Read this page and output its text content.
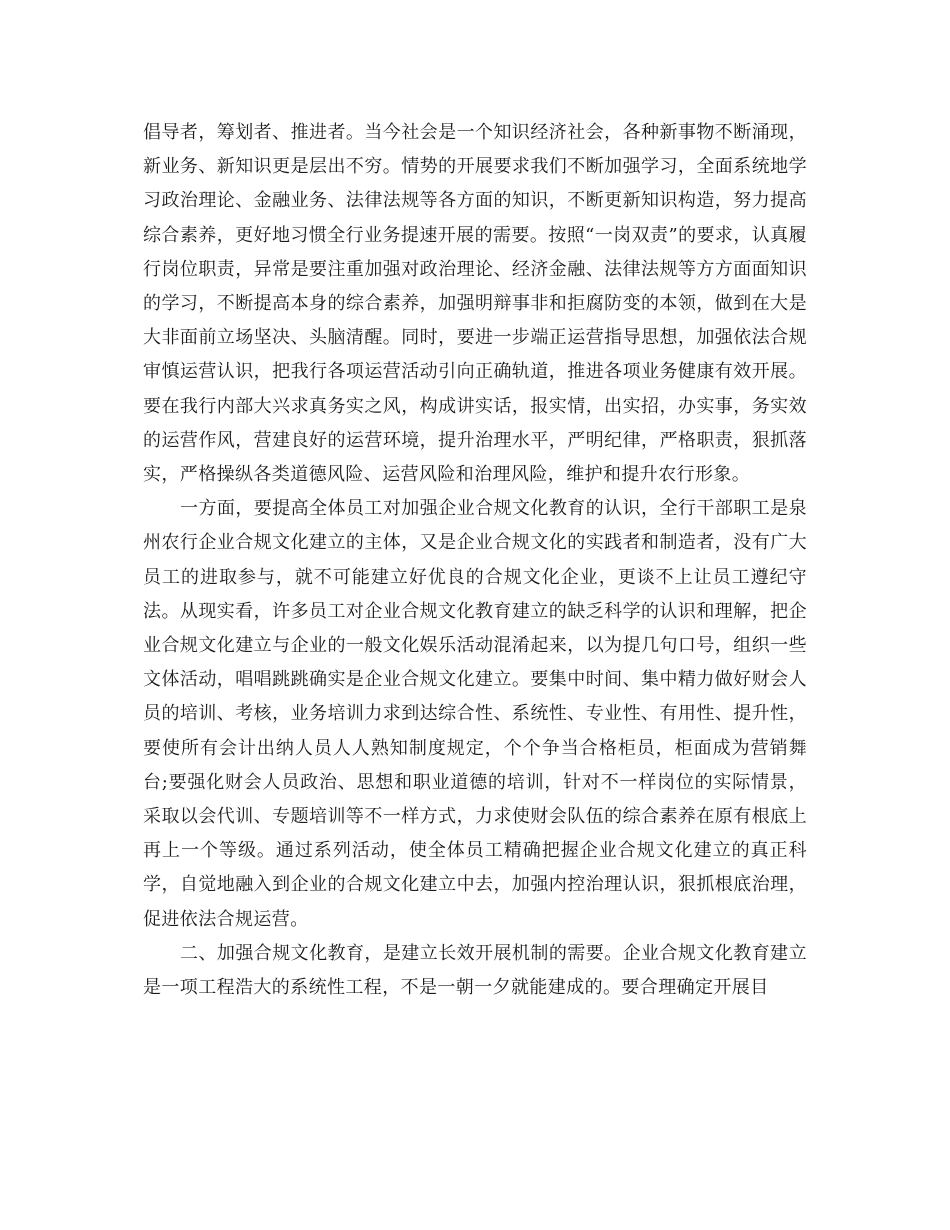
倡导者，筹划者、推进者。当今社会是一个知识经济社会，各种新事物不断涌现，新业务、新知识更是层出不穷。情势的开展要求我们不断加强学习，全面系统地学习政治理论、金融业务、法律法规等各方面的知识，不断更新知识构造，努力提高综合素养，更好地习惯全行业务提速开展的需要。按照“一岗双责”的要求，认真履行岗位职责，异常是要注重加强对政治理论、经济金融、法律法规等方方面面知识的学习，不断提高本身的综合素养，加强明辩事非和拒腐防变的本领，做到在大是大非面前立场坚决、头脑清醒。同时，要进一步端正运营指导思想，加强依法合规审慎运营认识，把我行各项运营活动引向正确轨道，推进各项业务健康有效开展。要在我行内部大兴求真务实之风，构成讲实话，报实情，出实招，办实事，务实效的运营作风，营建良好的运营环境，提升治理水平，严明纪律，严格职责，狠抓落实，严格操纵各类道德风险、运营风险和治理风险，维护和提升农行形象。

一方面，要提高全体员工对加强企业合规文化教育的认识，全行干部职工是泉州农行企业合规文化建立的主体，又是企业合规文化的实践者和制造者，没有广大员工的进取参与，就不可能建立好优良的合规文化企业，更谈不上让员工遵纪守法。从现实看，许多员工对企业合规文化教育建立的缺乏科学的认识和理解，把企业合规文化建立与企业的一般文化娱乐活动混淆起来，以为提几句口号，组织一些文体活动，唱唱跳跳确实是企业合规文化建立。要集中时间、集中精力做好财会人员的培训、考核，业务培训力求到达综合性、系统性、专业性、有用性、提升性，要使所有会计出纳人员人人熟知制度规定，个个争当合格柜员，柜面成为营销舞台;要强化财会人员政治、思想和职业道德的培训，针对不一样岗位的实际情景，采取以会代训、专题培训等不一样方式，力求使财会队伍的综合素养在原有根底上再上一个等级。通过系列活动，使全体员工精确把握企业合规文化建立的真正科学，自觉地融入到企业的合规文化建立中去，加强内控治理认识，狠抓根底治理，促进依法合规运营。

二、加强合规文化教育，是建立长效开展机制的需要。企业合规文化教育建立是一项工程浩大的系统性工程，不是一朝一夕就能建成的。要合理确定开展目
